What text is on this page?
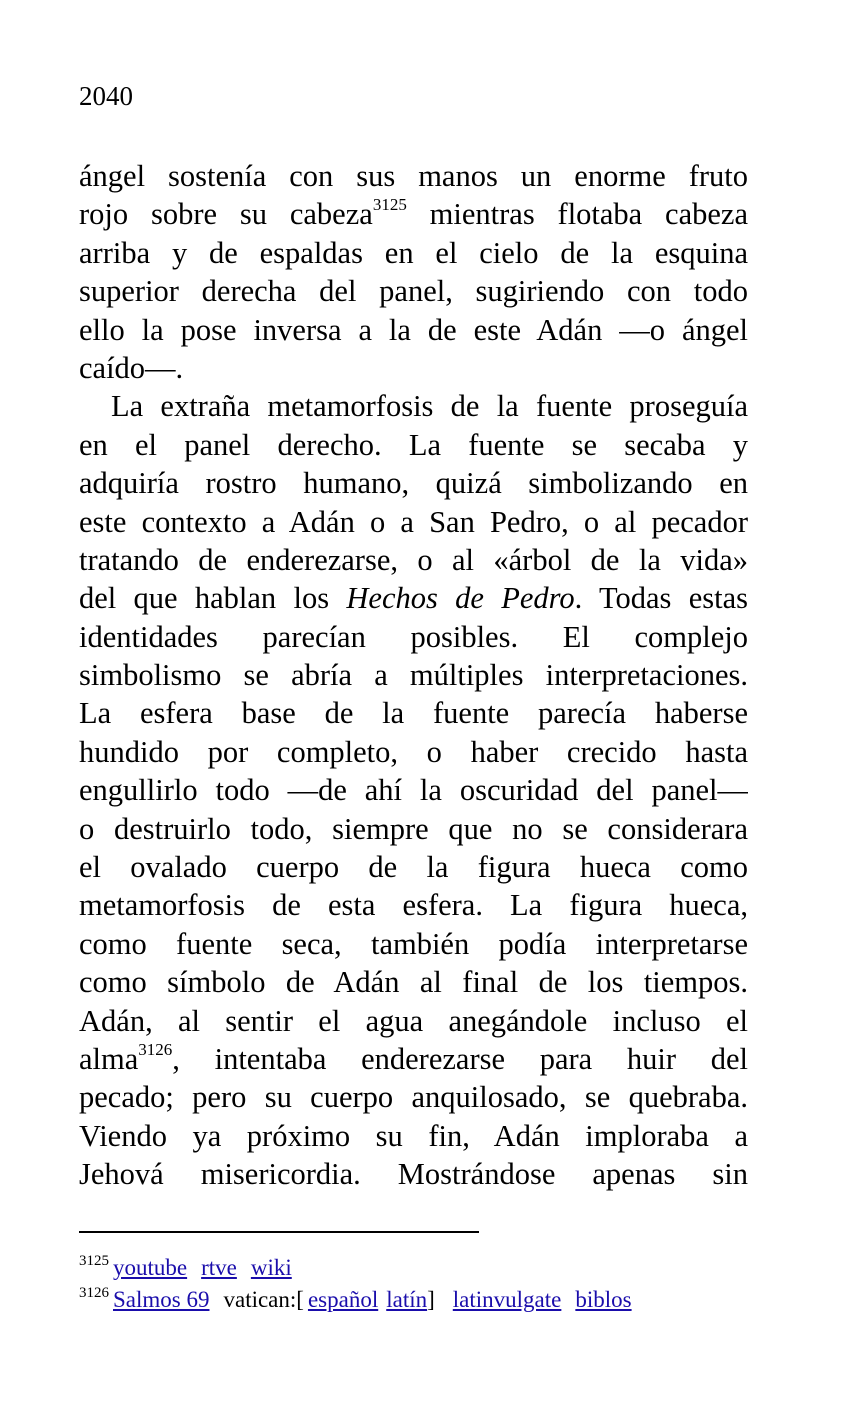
2040
ángel sostenía con sus manos un enorme fruto
rojo sobre su cabeza$^{3125}$ mientras flotaba cabeza
arriba y de espaldas en el cielo de la esquina
superior derecha del panel, sugiriendo con todo
ello la pose inversa a la de este Adán —o ángel
caído—.
La extraña metamorfosis de la fuente proseguía
en el panel derecho. La fuente se secaba y
adquiría rostro humano, quizá simbolizando en
este contexto a Adán o a San Pedro, o al pecador
tratando de enderezarse, o al «árbol de la vida»
del que hablan los Hechos de Pedro. Todas estas
identidades parecían posibles. El complejo
simbolismo se abría a múltiples interpretaciones.
La esfera base de la fuente parecía haberse
hundido por completo, o haber crecido hasta
engullirlo todo —de ahí la oscuridad del panel—
o destruirlo todo, siempre que no se considerara
el ovalado cuerpo de la figura hueca como
metamorfosis de esta esfera. La figura hueca,
como fuente seca, también podía interpretarse
como símbolo de Adán al final de los tiempos.
Adán, al sentir el agua anegándole incluso el
alma$^{3126}$, intentaba enderezarse para huir del
pecado; pero su cuerpo anquilosado, se quebraba.
Viendo ya próximo su fin, Adán imploraba a
Jehová misericordia. Mostrándose apenas sin
$^{3125}$ youtube rtve wiki
$^{3126}$ Salmos 69 vatican:[ español latín] latinvulgate biblos
